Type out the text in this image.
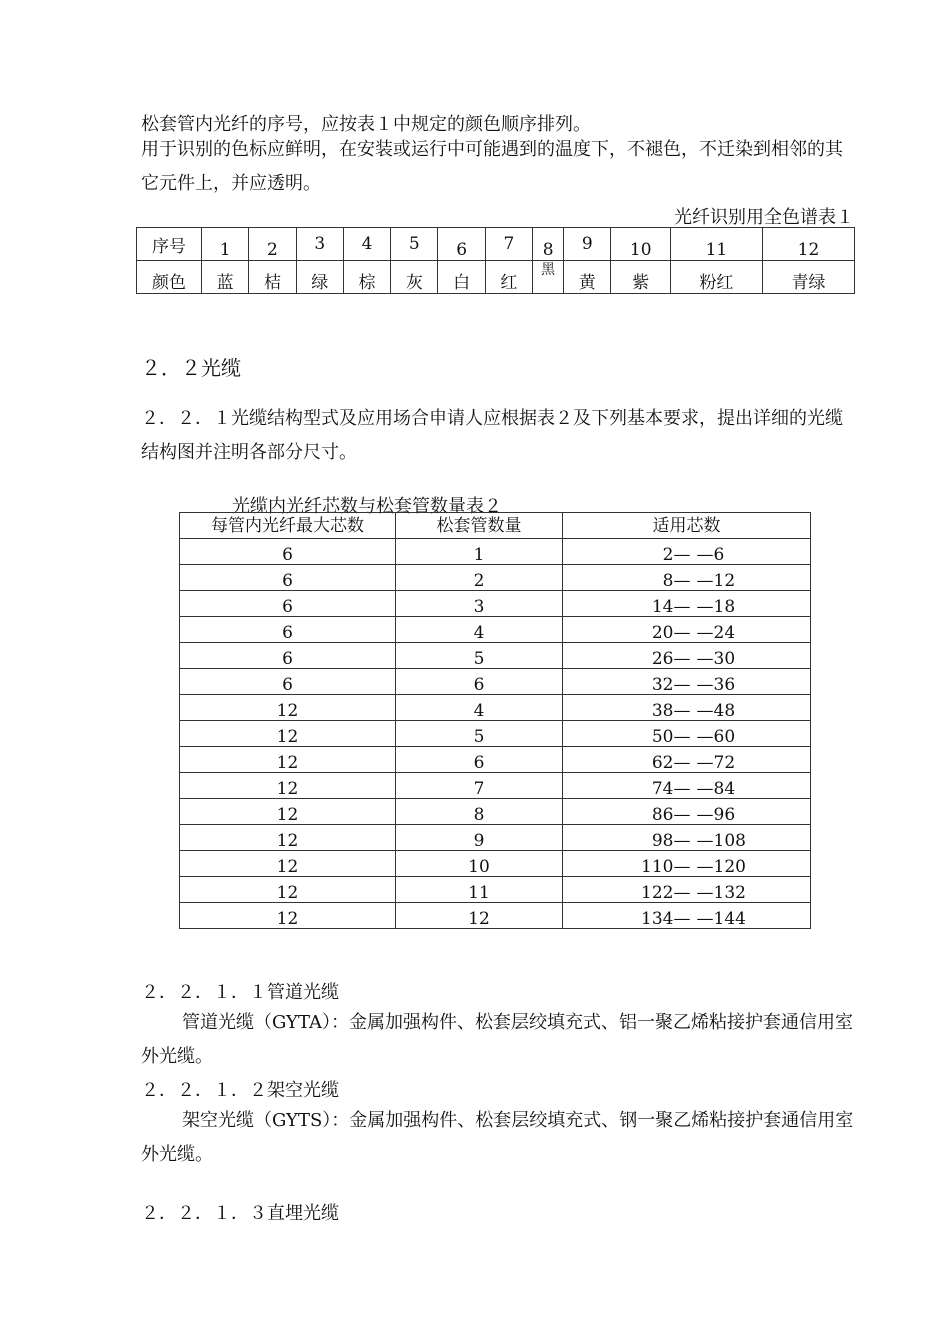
松套管内光纤的序号，应按表１中规定的颜色顺序排列。
用于识别的色标应鲜明，在安装或运行中可能遇到的温度下，不褪色，不迁染到相邻的其它元件上，并应透明。
光纤识别用全色谱表１
序号	1	2	3	4	5	6	7	8	9	10	11	12
颜色	蓝	桔	绿	棕	灰	白	红	黑	黄	紫	粉红	青绿
２．２光缆
２．２．１光缆结构型式及应用场合申请人应根据表２及下列基本要求，提出详细的光缆结构图并注明各部分尺寸。
光缆内光纤芯数与松套管数量表２
每管内光纤最大芯数	松套管数量	适用芯数
6	1	2— —6
6	2	8— —12
6	3	14— —18
6	4	20— —24
6	5	26— —30
6	6	32— —36
12	4	38— —48
12	5	50— —60
12	6	62— —72
12	7	74— —84
12	8	86— —96
12	9	98— —108
12	10	110— —120
12	11	122— —132
12	12	134— —144
２．２．１．１管道光缆
管道光缆（GYTA）：金属加强构件、松套层绞填充式、铝一聚乙烯粘接护套通信用室外光缆。
２．２．１．２架空光缆
架空光缆（GYTS）：金属加强构件、松套层绞填充式、钢一聚乙烯粘接护套通信用室外光缆。
２．２．１．３直埋光缆
